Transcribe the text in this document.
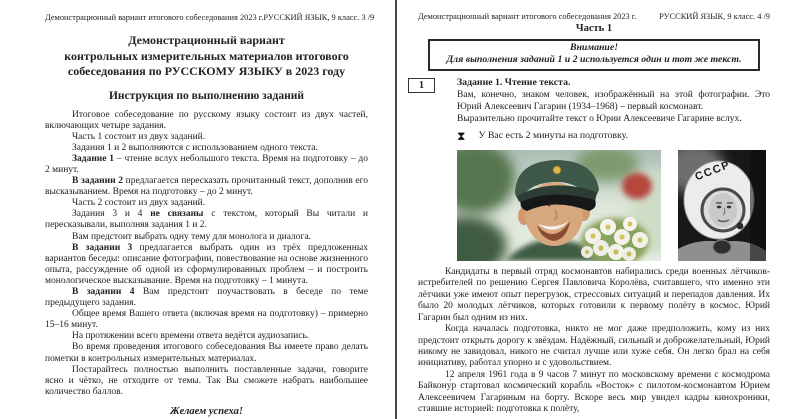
Демонстрационный вариант итогового собеседования 2023 г. РУССКИЙ ЯЗЫК, 9 класс. 3 /9
Демонстрационный вариант
контрольных измерительных материалов итогового
собеседования по РУССКОМУ ЯЗЫКУ в 2023 году
Инструкция по выполнению заданий

Итоговое собеседование по русскому языку состоит из двух частей, включающих четыре задания.

Часть 1 состоит из двух заданий.

Задания 1 и 2 выполняются с использованием одного текста.

Задание 1 – чтение вслух небольшого текста. Время на подготовку – до 2 минут.

В задании 2 предлагается пересказать прочитанный текст, дополнив его высказыванием. Время на подготовку – до 2 минут.

Часть 2 состоит из двух заданий.

Задания 3 и 4 не связаны с текстом, который Вы читали и пересказывали, выполняя задания 1 и 2.

Вам предстоит выбрать одну тему для монолога и диалога.

В задании 3 предлагается выбрать один из трёх предложенных вариантов беседы: описание фотографии, повествование на основе жизненного опыта, рассуждение об одной из сформулированных проблем – и построить монологическое высказывание. Время на подготовку – 1 минута.

В задании 4 Вам предстоит поучаствовать в беседе по теме предыдущего задания.

Общее время Вашего ответа (включая время на подготовку) – примерно 15–16 минут.

На протяжении всего времени ответа ведётся аудиозапись.

Во время проведения итогового собеседования Вы имеете право делать пометки в контрольных измерительных материалах.

Постарайтесь полностью выполнить поставленные задачи, говорите ясно и чётко, не отходите от темы. Так Вы сможете набрать наибольшее количество баллов.

Желаем успеха!
Демонстрационный вариант итогового собеседования 2023 г.	РУССКИЙ ЯЗЫК, 9 класс. 4 /9
Часть 1
Внимание!
Для выполнения заданий 1 и 2 используется один и тот же текст.
1	Задание 1. Чтение текста.

Вам, конечно, знаком человек, изображённый на этой фотографии. Это Юрий Алексеевич Гагарин (1934–1968) – первый космонавт.

Выразительно прочитайте текст о Юрии Алексеевиче Гагарине вслух.

⧗ У Вас есть 2 минуты на подготовку.
СССР

Кандидаты в первый отряд космонавтов набирались среди военных лётчиков-истребителей по решению Сергея Павловича Королёва, считавшего, что именно эти лётчики уже имеют опыт перегрузок, стрессовых ситуаций и перепадов давления. Их было 20 молодых лётчиков, которых готовили к первому полёту в космос. Юрий Гагарин был одним из них.

Когда началась подготовка, никто не мог даже предположить, кому из них предстоит открыть дорогу к звёздам. Надёжный, сильный и доброжелательный, Юрий никому не завидовал, никого не считал лучше или хуже себя. Он легко брал на себя инициативу, работал упорно и с удовольствием.

12 апреля 1961 года в 9 часов 7 минут по московскому времени с космодрома Байкону́р стартовал космический корабль «Восток» с пилотом-космонавтом Юрием Алексеевичем Гагариным на борту. Вскоре весь мир увидел кадры кинохроники, ставшие историей: подготовка к полёту,
